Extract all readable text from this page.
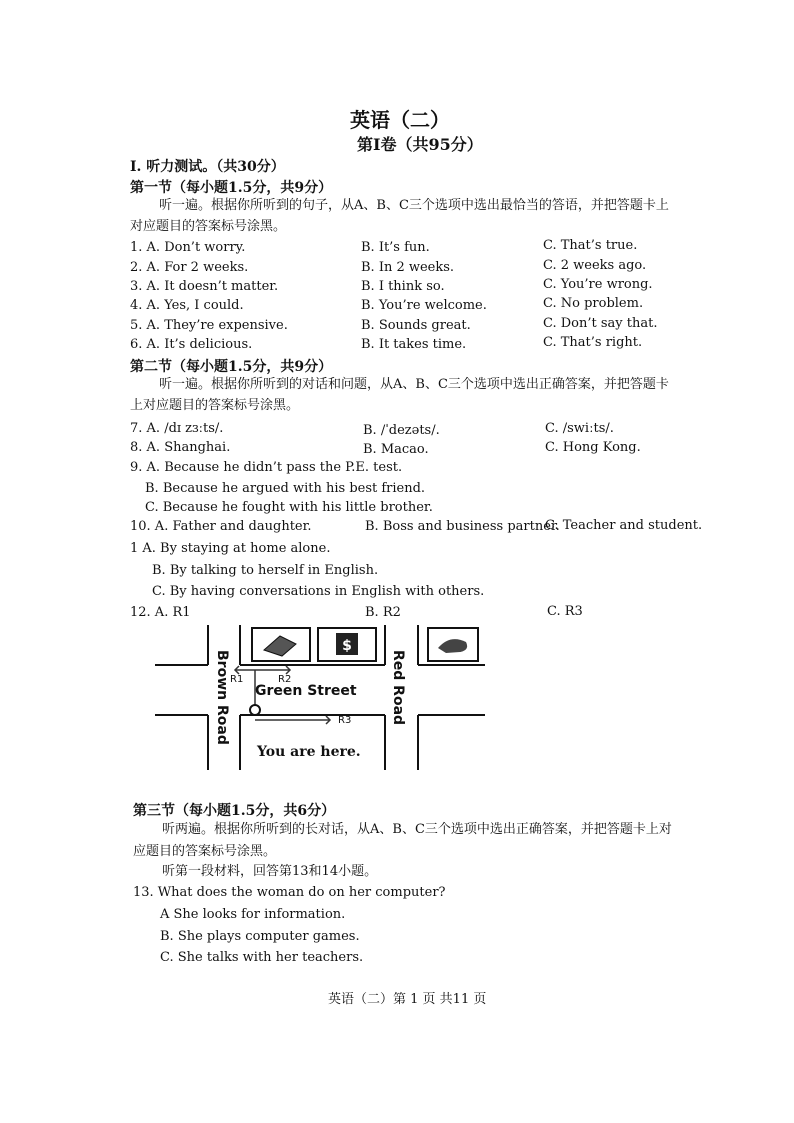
英语（二）
第Ⅰ卷（共95分）
I. 听力测试。（共30分）
第一节（每小题1.5分，共9分）
听一遍。根据你所听到的句子，从A、B、C三个选项中选出最恰当的答语，并把答题卡上
对应题目的答案标号涂黑。
1. A. Don’t worry.	B. It’s fun.	C. That’s true.
2. A. For 2 weeks.	B. In 2 weeks.	C. 2 weeks ago.
3. A. It doesn’t matter.	B. I think so.	C. You’re wrong.
4. A. Yes, I could.	B. You’re welcome.	C. No problem.
5. A. They’re expensive.	B. Sounds great.	C. Don’t say that.
6. A. It’s delicious.	B. It takes time.	C. That’s right.
第二节（每小题1.5分，共9分）
听一遍。根据你所听到的对话和问题，从A、B、C三个选项中选出正确答案，并把答题卡
上对应题目的答案标号涂黑。
7. A. /dɪ zɜːts/.	B. /ˈdezəts/.	C. /swiːts/.
8. A. Shanghai.	B. Macao.	C. Hong Kong.
9. A. Because he didn’t pass the P.E. test.
B. Because he argued with his best friend.
C. Because he fought with his little brother.
10. A. Father and daughter.	B. Boss and business partner.
C. Teacher and student.
1 A. By staying at home alone.
B. By talking to herself in English.
C. By having conversations in English with others.
12. A. R1	B. R2	C. R3
$
Brown Road	Red Road
Green Street
R1	R2
R3
You are here.
第三节（每小题1.5分，共6分）
听两遍。根据你所听到的长对话，从A、B、C三个选项中选出正确答案，并把答题卡上对
应题目的答案标号涂黑。
听第一段材料，回答第13和14小题。
13. What does the woman do on her computer?
A She looks for information.
B. She plays computer games.
C. She talks with her teachers.
英语（二）第 1 页 共11 页
